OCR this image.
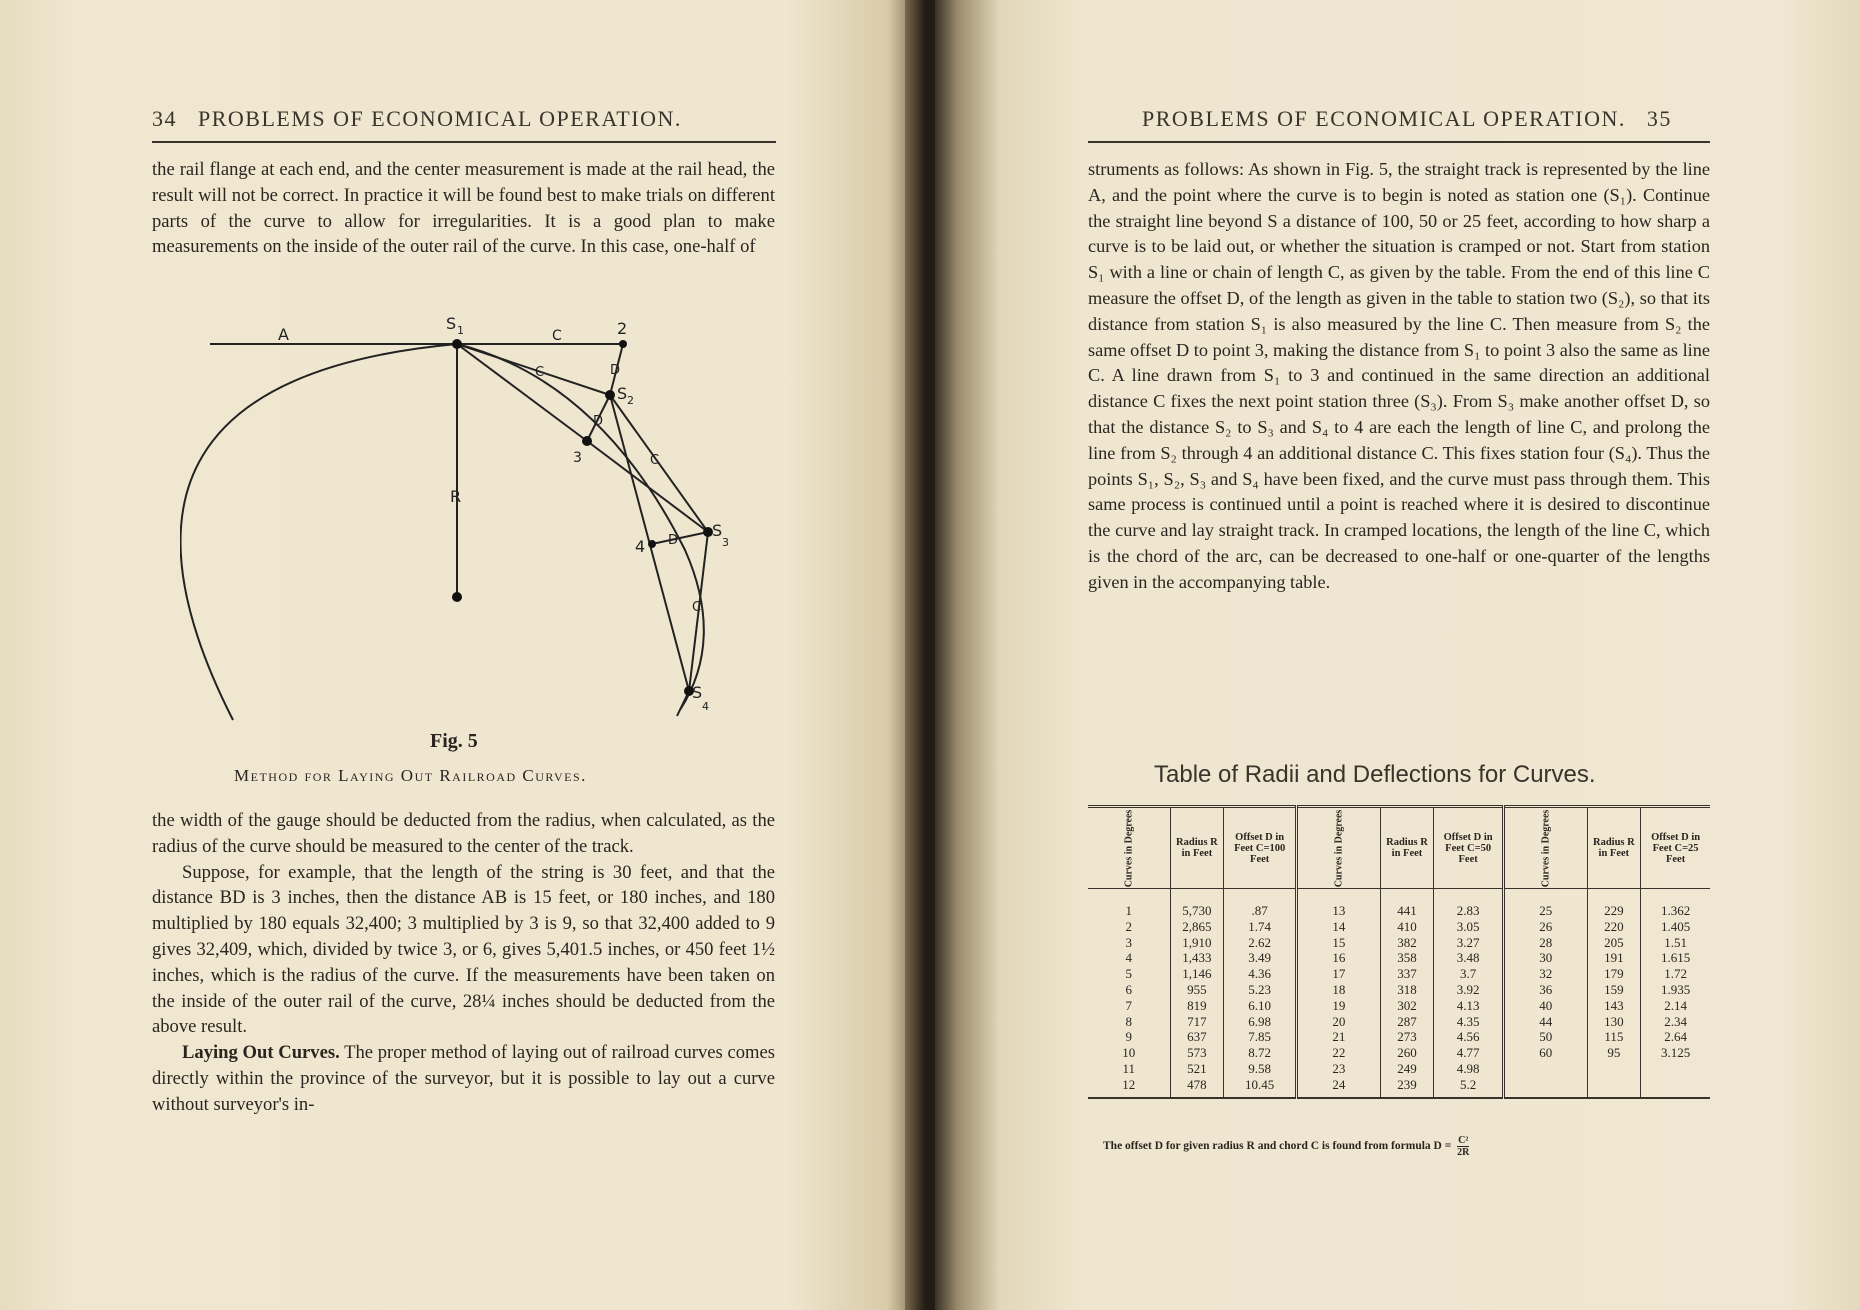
34   PROBLEMS OF ECONOMICAL OPERATION.

the rail flange at each end, and the center measurement is made at the rail head, the result will not be correct. In practice it will be found best to make trials on different parts of the curve to allow for irregularities. It is a good plan to make measurements on the inside of the outer rail of the curve. In this case, one-half of

A
S 1	C	2
D
C
S 2
D
3
R
C
S
3
4 D
C
S
4
Fig. 5
Method for Laying Out Railroad Curves.

the width of the gauge should be deducted from the radius, when calculated, as the radius of the curve should be measured to the center of the track.

Suppose, for example, that the length of the string is 30 feet, and that the distance BD is 3 inches, then the distance AB is 15 feet, or 180 inches, and 180 multiplied by 180 equals 32,400; 3 multiplied by 3 is 9, so that 32,400 added to 9 gives 32,409, which, divided by twice 3, or 6, gives 5,401.5 inches, or 450 feet 1½ inches, which is the radius of the curve. If the measurements have been taken on the inside of the outer rail of the curve, 28¼ inches should be deducted from the above result.

Laying Out Curves. The proper method of laying out of railroad curves comes directly within the province of the surveyor, but it is possible to lay out a curve without surveyor's in-

PROBLEMS OF ECONOMICAL OPERATION.   35

struments as follows: As shown in Fig. 5, the straight track is represented by the line A, and the point where the curve is to begin is noted as station one (S₁). Continue the straight line beyond S a distance of 100, 50 or 25 feet, according to how sharp a curve is to be laid out, or whether the situation is cramped or not. Start from station S₁ with a line or chain of length C, as given by the table. From the end of this line C measure the offset D, of the length as given in the table to station two (S₂), so that its distance from station S₁ is also measured by the line C. Then measure from S₂ the same offset D to point 3, making the distance from S₁ to point 3 also the same as line C. A line drawn from S₁ to 3 and continued in the same direction an additional distance C fixes the next point station three (S₃). From S₃ make another offset D, so that the distance S₂ to S₃ and S₄ to 4 are each the length of line C, and prolong the line from S₂ through 4 an additional distance C. This fixes station four (S₄). Thus the points S₁, S₂, S₃ and S₄ have been fixed, and the curve must pass through them. This same process is continued until a point is reached where it is desired to discontinue the curve and lay straight track. In cramped locations, the length of the line C, which is the chord of the arc, can be decreased to one-half or one-quarter of the lengths given in the accompanying table.

Table of Radii and Deflections for Curves.
Curves in Degrees	Radius R in Feet	Offset D in Feet C=100 Feet	Curves in Degrees	Radius R in Feet	Offset D in Feet C=50 Feet	Curves in Degrees	Radius R in Feet	Offset D in Feet C=25 Feet
1	5,730	.87	13	441	2.83	25	229	1.362
2	2,865	1.74	14	410	3.05	26	220	1.405
3	1,910	2.62	15	382	3.27	28	205	1.51
4	1,433	3.49	16	358	3.48	30	191	1.615
5	1,146	4.36	17	337	3.7	32	179	1.72
6	955	5.23	18	318	3.92	36	159	1.935
7	819	6.10	19	302	4.13	40	143	2.14
8	717	6.98	20	287	4.35	44	130	2.34
9	637	7.85	21	273	4.56	50	115	2.64
10	573	8.72	22	260	4.77	60	95	3.125
11	521	9.58	23	249	4.98			
12	478	10.45	24	239	5.2			
The offset D for given radius R and chord C is found from formula $D = \frac{\text{C²}}{2R}$
